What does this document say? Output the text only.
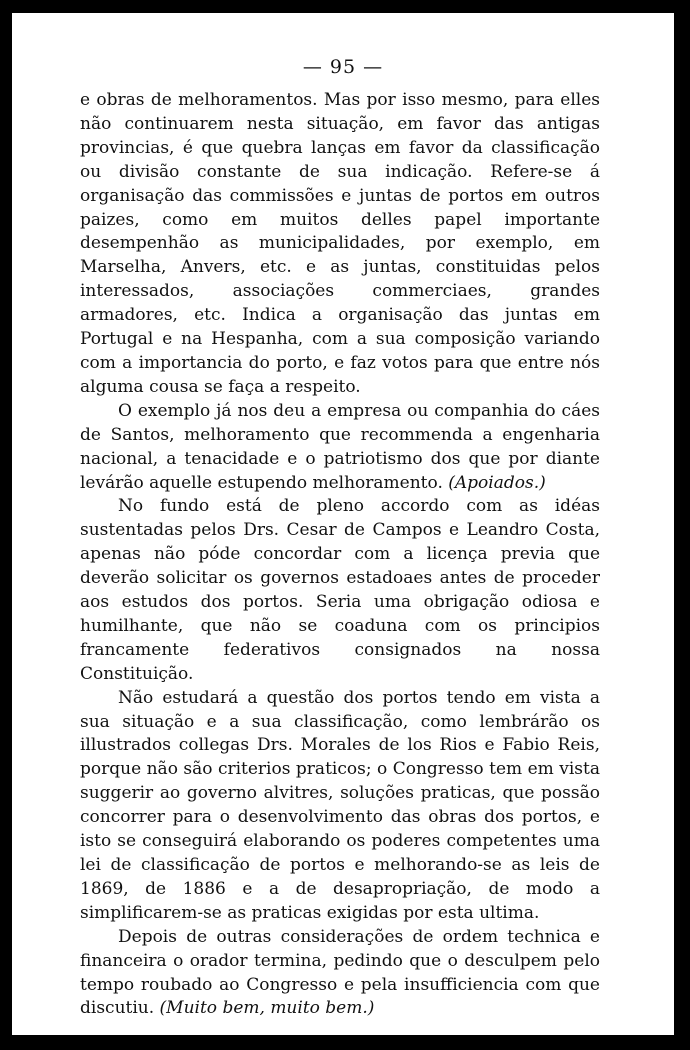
— 95 —

e obras de melhoramentos. Mas por isso mesmo, para elles não continuarem nesta situação, em favor das antigas provincias, é que quebra lanças em favor da classificação ou divisão constante de sua indicação. Refere-se á organisação das commissões e juntas de portos em outros paizes, como em muitos delles papel importante desempenhão as municipalidades, por exemplo, em Marselha, Anvers, etc. e as juntas, constituidas pelos interessados, associações commerciaes, grandes armadores, etc. Indica a organisação das juntas em Portugal e na Hespanha, com a sua composição variando com a importancia do porto, e faz votos para que entre nós alguma cousa se faça a respeito.

O exemplo já nos deu a empresa ou companhia do cáes de Santos, melhoramento que recommenda a engenharia nacional, a tenacidade e o patriotismo dos que por diante levárão aquelle estupendo melhoramento. (Apoiados.)

No fundo está de pleno accordo com as idéas sustentadas pelos Drs. Cesar de Campos e Leandro Costa, apenas não póde concordar com a licença previa que deverão solicitar os governos estadoaes antes de proceder aos estudos dos portos. Seria uma obrigação odiosa e humilhante, que não se coaduna com os principios francamente federativos consignados na nossa Constituição.

Não estudará a questão dos portos tendo em vista a sua situação e a sua classificação, como lembrárão os illustrados collegas Drs. Morales de los Rios e Fabio Reis, porque não são criterios praticos; o Congresso tem em vista suggerir ao governo alvitres, soluções praticas, que possão concorrer para o desenvolvimento das obras dos portos, e isto se conseguirá elaborando os poderes competentes uma lei de classificação de portos e melhorando-se as leis de 1869, de 1886 e a de desapropriação, de modo a simplificarem-se as praticas exigidas por esta ultima.

Depois de outras considerações de ordem technica e financeira o orador termina, pedindo que o desculpem pelo tempo roubado ao Congresso e pela insufficiencia com que discutiu. (Muito bem, muito bem.)
